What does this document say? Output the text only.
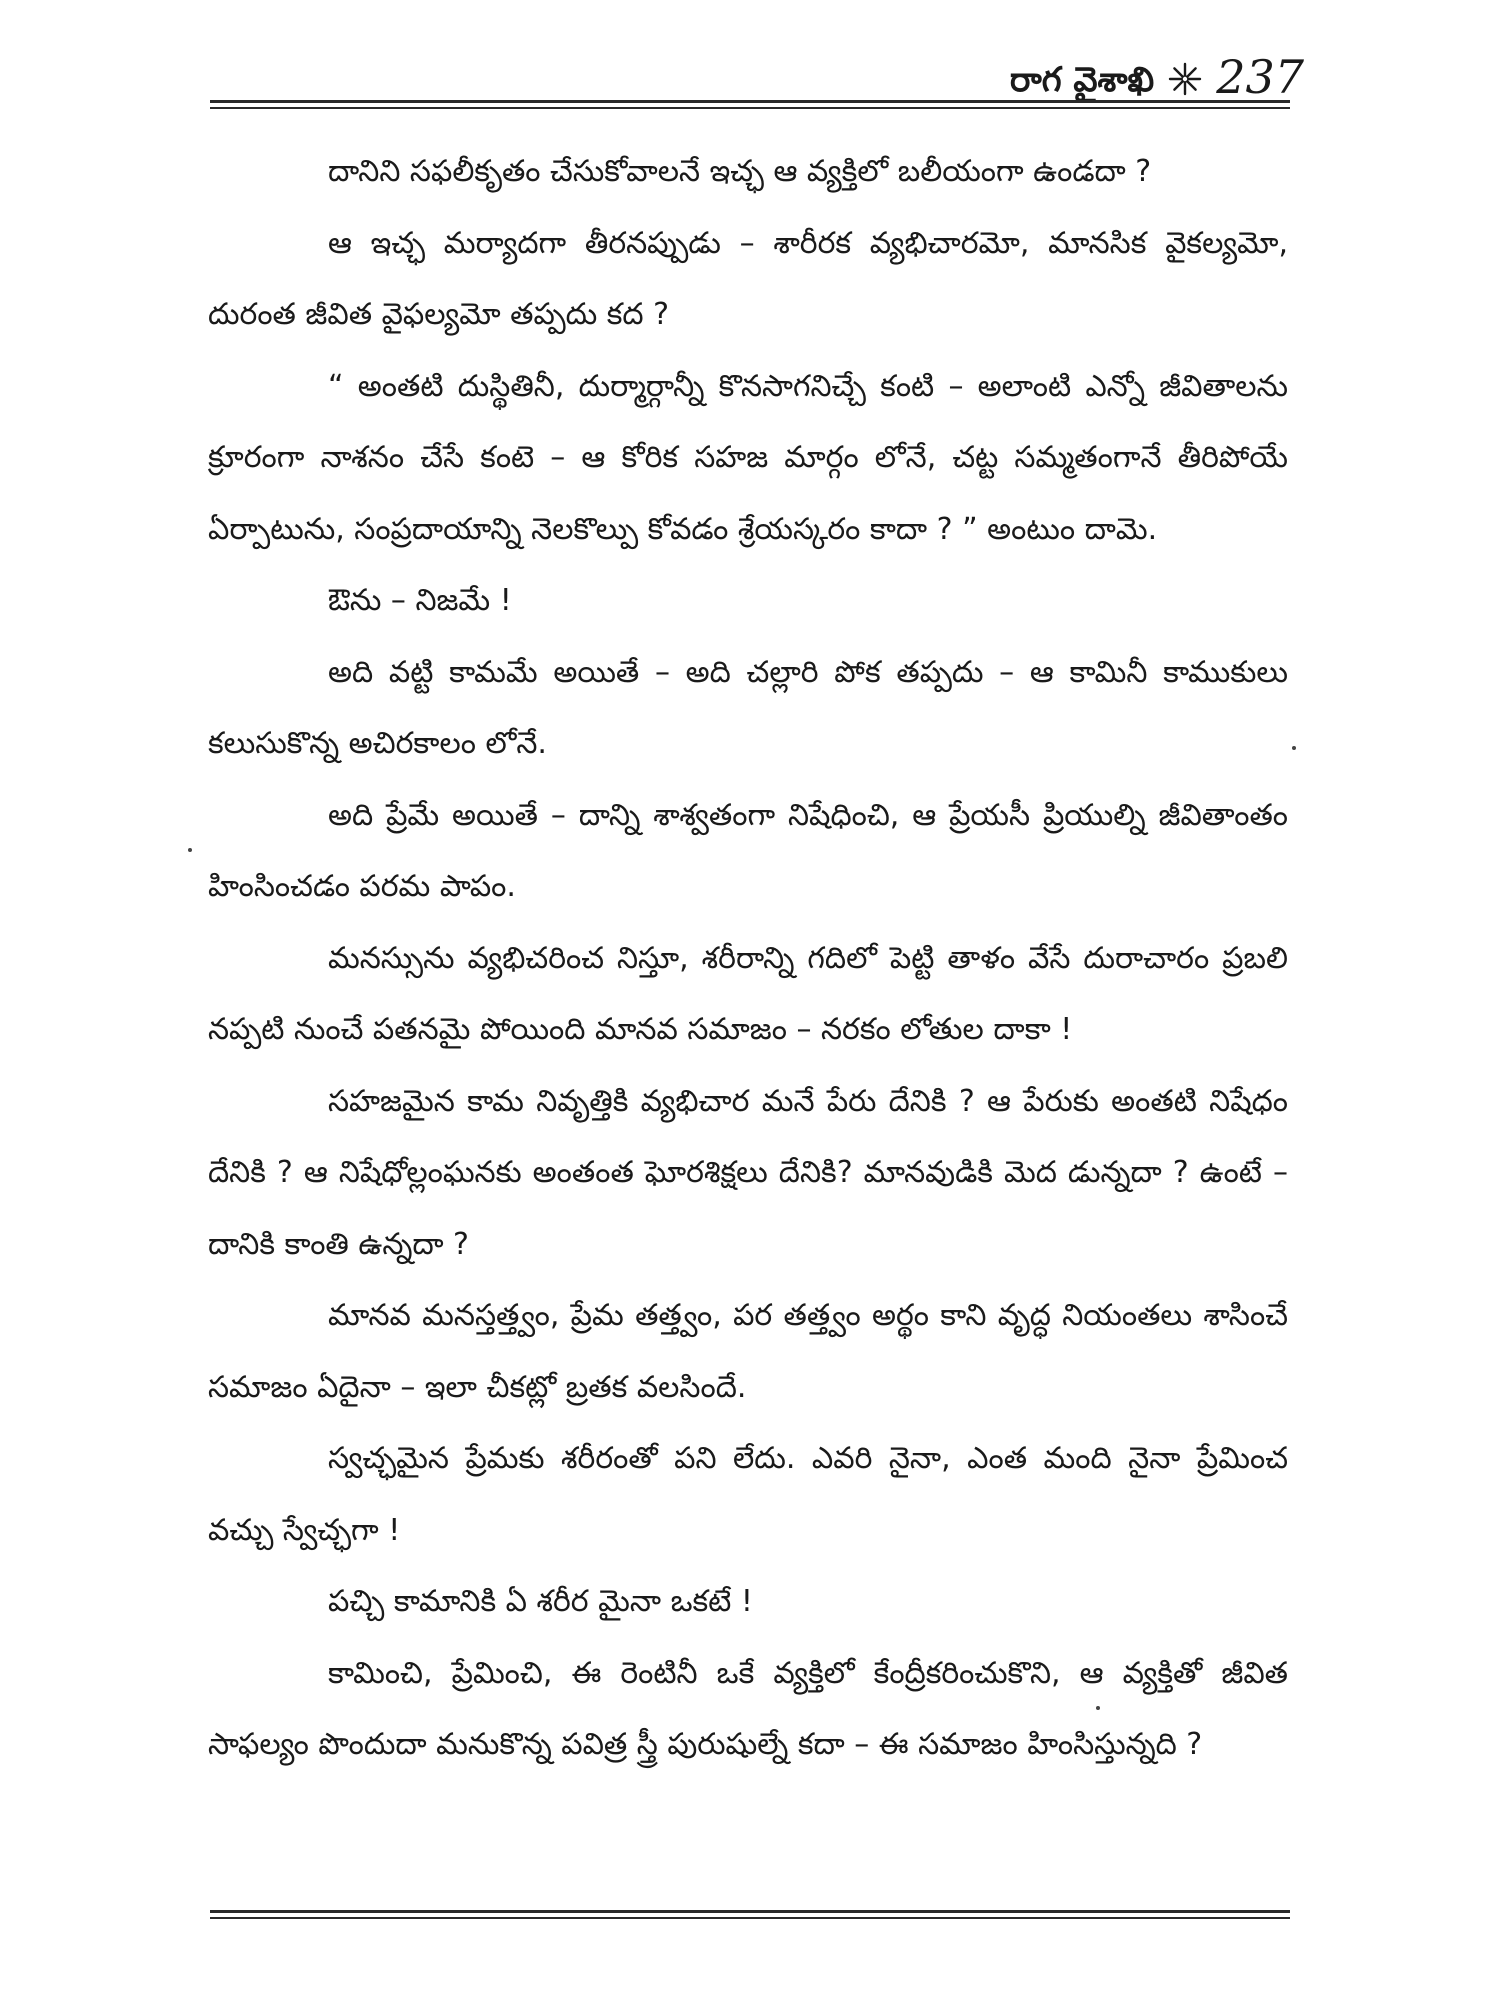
రాగ వైశాఖి 237

దానిని సఫలీకృతం చేసుకోవాలనే ఇచ్ఛ ఆ వ్యక్తిలో బలీయంగా ఉండదా ?

ఆ ఇచ్ఛ మర్యాదగా తీరనప్పుడు – శారీరక వ్యభిచారమో, మానసిక వైకల్యమో, దురంత జీవిత వైఫల్యమో తప్పదు కద ?

“ అంతటి దుస్థితినీ, దుర్మార్గాన్నీ కొనసాగనిచ్చే కంటి – అలాంటి ఎన్నో జీవితాలను క్రూరంగా నాశనం చేసే కంటె – ఆ కోరిక సహజ మార్గం లోనే, చట్ట సమ్మతంగానే తీరిపోయే ఏర్పాటును, సంప్రదాయాన్ని నెలకొల్పు కోవడం శ్రేయస్కరం కాదా ? ” అంటుం దామె.

ఔను – నిజమే !

అది వట్టి కామమే అయితే – అది చల్లారి పోక తప్పదు – ఆ కామినీ కాముకులు కలుసుకొన్న అచిరకాలం లోనే.

అది ప్రేమే అయితే – దాన్ని శాశ్వతంగా నిషేధించి, ఆ ప్రేయసీ ప్రియుల్ని జీవితాంతం హింసించడం పరమ పాపం.

మనస్సును వ్యభిచరించ నిస్తూ, శరీరాన్ని గదిలో పెట్టి తాళం వేసే దురాచారం ప్రబలి నప్పటి నుంచే పతనమై పోయింది మానవ సమాజం – నరకం లోతుల దాకా !

సహజమైన కామ నివృత్తికి వ్యభిచార మనే పేరు దేనికి ? ఆ పేరుకు అంతటి నిషేధం దేనికి ? ఆ నిషేధోల్లంఘనకు అంతంత ఘోరశిక్షలు దేనికి? మానవుడికి మెద డున్నదా ? ఉంటే – దానికి కాంతి ఉన్నదా ?

మానవ మనస్తత్త్వం, ప్రేమ తత్త్వం, పర తత్త్వం అర్థం కాని వృద్ధ నియంతలు శాసించే సమాజం ఏదైనా – ఇలా చీకట్లో బ్రతక వలసిందే.

స్వచ్ఛమైన ప్రేమకు శరీరంతో పని లేదు. ఎవరి నైనా, ఎంత మంది నైనా ప్రేమించ వచ్చు స్వేచ్ఛగా !

పచ్చి కామానికి ఏ శరీర మైనా ఒకటే !

కామించి, ప్రేమించి, ఈ రెంటినీ ఒకే వ్యక్తిలో కేంద్రీకరించుకొని, ఆ వ్యక్తితో జీవిత సాఫల్యం పొందుదా మనుకొన్న పవిత్ర స్త్రీ పురుషుల్నే కదా – ఈ సమాజం హింసిస్తున్నది ?
